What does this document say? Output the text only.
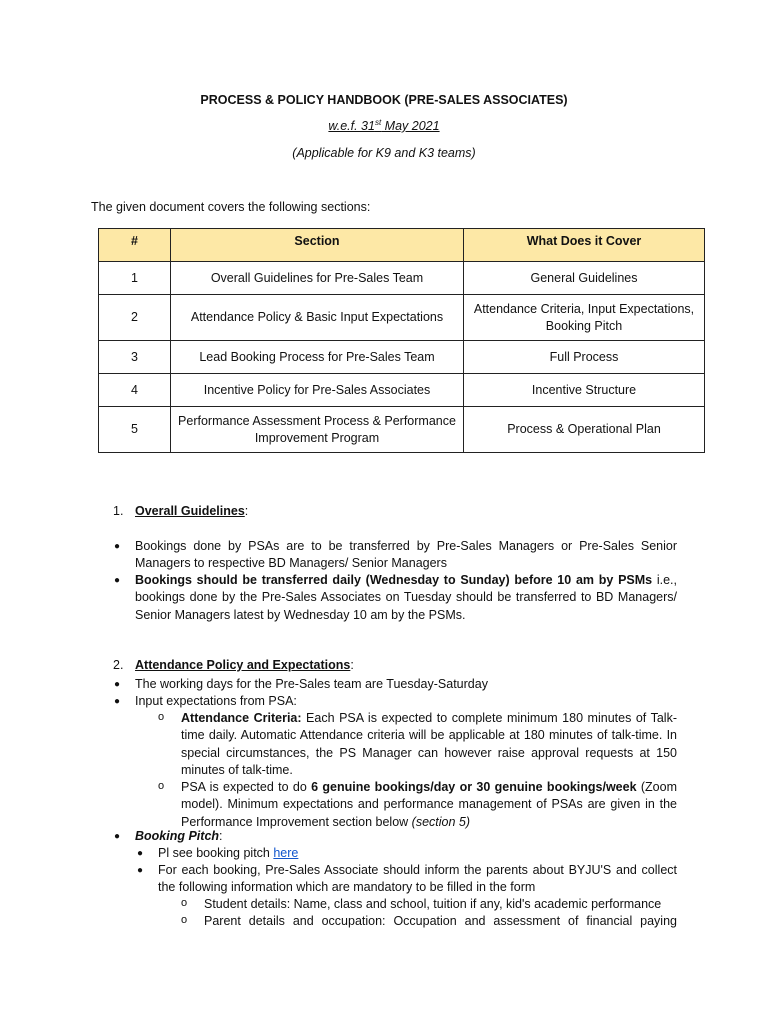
PROCESS & POLICY HANDBOOK (PRE-SALES ASSOCIATES)
w.e.f. 31st May 2021
(Applicable for K9 and K3 teams)
The given document covers the following sections:
#	Section	What Does it Cover
1	Overall Guidelines for Pre-Sales Team	General Guidelines
2	Attendance Policy & Basic Input Expectations	Attendance Criteria, Input Expectations, Booking Pitch
3	Lead Booking Process for Pre-Sales Team	Full Process
4	Incentive Policy for Pre-Sales Associates	Incentive Structure
5	Performance Assessment Process & Performance Improvement Program	Process & Operational Plan
1. Overall Guidelines:
● Bookings done by PSAs are to be transferred by Pre-Sales Managers or Pre-Sales Senior Managers to respective BD Managers/ Senior Managers
● Bookings should be transferred daily (Wednesday to Sunday) before 10 am by PSMs i.e., bookings done by the Pre-Sales Associates on Tuesday should be transferred to BD Managers/ Senior Managers latest by Wednesday 10 am by the PSMs.
2. Attendance Policy and Expectations:
● The working days for the Pre-Sales team are Tuesday-Saturday
● Input expectations from PSA:
o Attendance Criteria: Each PSA is expected to complete minimum 180 minutes of Talk-time daily. Automatic Attendance criteria will be applicable at 180 minutes of talk-time. In special circumstances, the PS Manager can however raise approval requests at 150 minutes of talk-time.
o PSA is expected to do 6 genuine bookings/day or 30 genuine bookings/week (Zoom model). Minimum expectations and performance management of PSAs are given in the Performance Improvement section below (section 5)
● Booking Pitch:
● Pl see booking pitch here
● For each booking, Pre-Sales Associate should inform the parents about BYJU'S and collect the following information which are mandatory to be filled in the form
o Student details: Name, class and school, tuition if any, kid's academic performance
o Parent details and occupation: Occupation and assessment of financial paying
